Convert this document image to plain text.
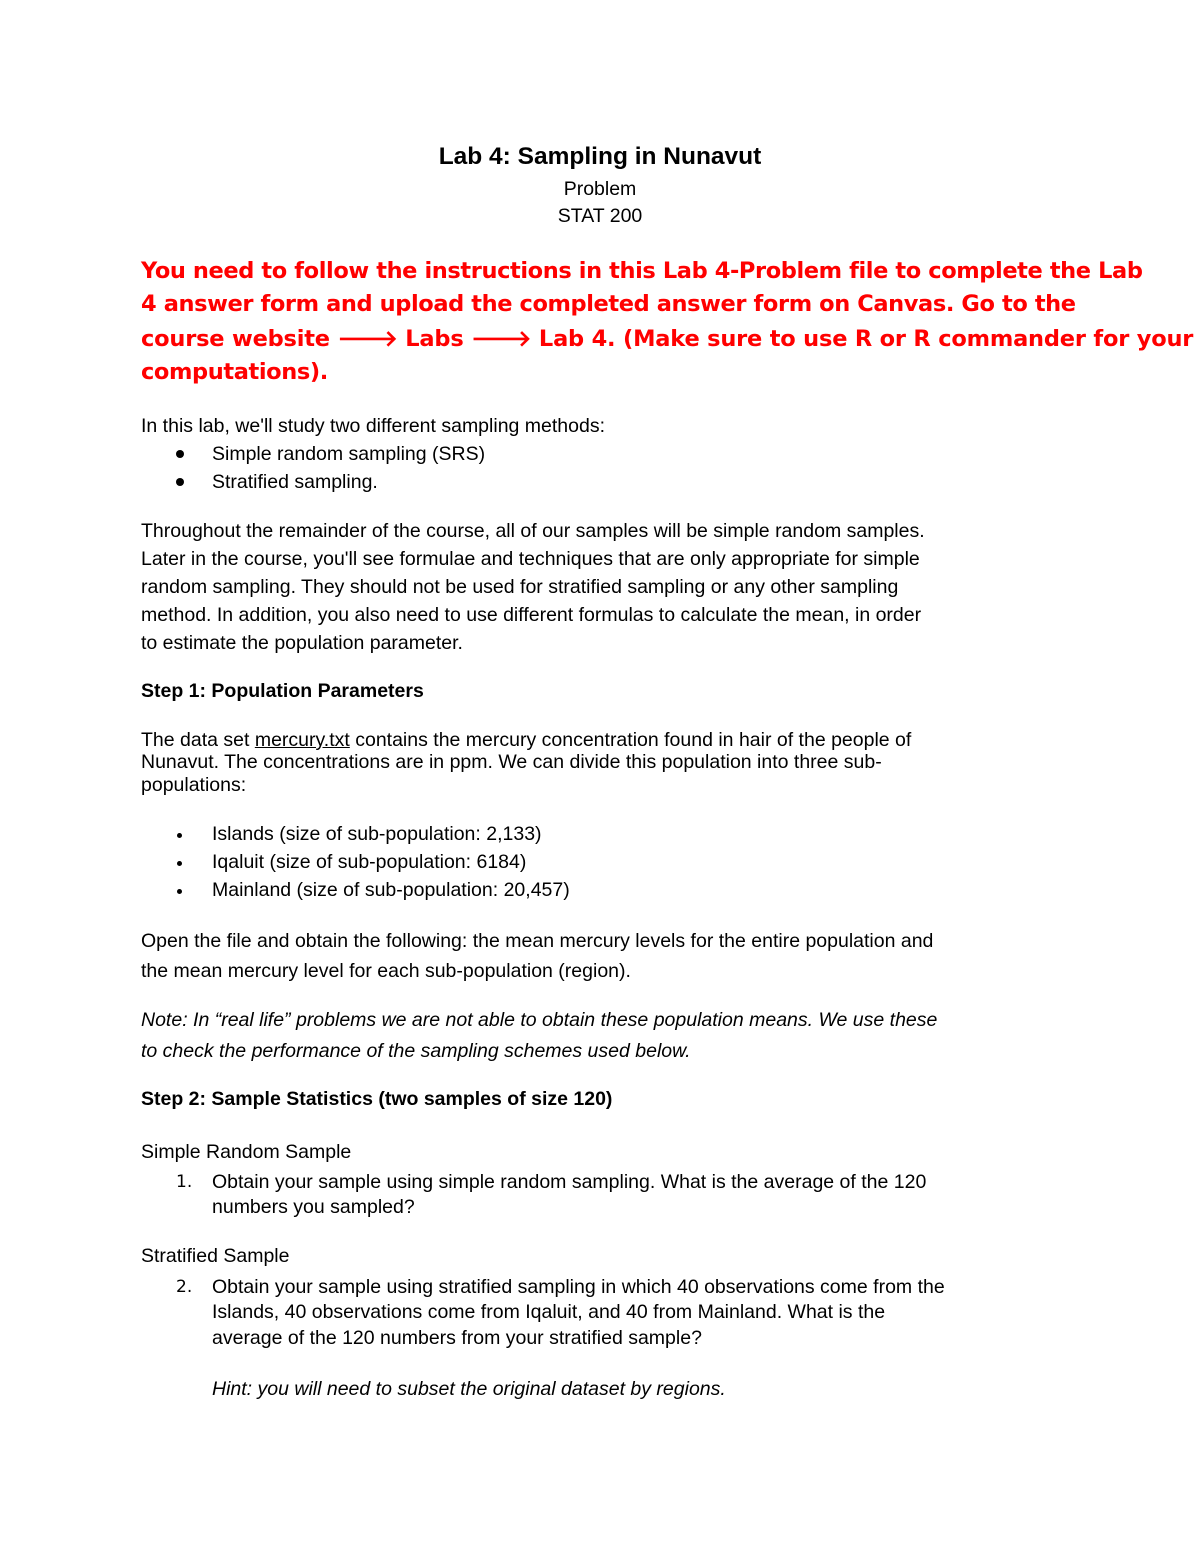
Lab 4: Sampling in Nunavut

Problem

STAT 200

You need to follow the instructions in this Lab 4-Problem file to complete the Lab

4 answer form and upload the completed answer form on Canvas. Go to the

course website 🡒 Labs 🡒 Lab 4. (Make sure to use R or R commander for your

computations).

In this lab, we'll study two different sampling methods:

Simple random sampling (SRS)

Stratified sampling.

Throughout the remainder of the course, all of our samples will be simple random samples.

Later in the course, you'll see formulae and techniques that are only appropriate for simple

random sampling. They should not be used for stratified sampling or any other sampling

method. In addition, you also need to use different formulas to calculate the mean, in order

to estimate the population parameter.

Step 1: Population Parameters

The data set mercury.txt contains the mercury concentration found in hair of the people of

Nunavut. The concentrations are in ppm. We can divide this population into three sub-

populations:

Islands (size of sub-population: 2,133)

Iqaluit (size of sub-population: 6184)

Mainland (size of sub-population: 20,457)

Open the file and obtain the following: the mean mercury levels for the entire population and

the mean mercury level for each sub-population (region).

Note: In “real life” problems we are not able to obtain these population means. We use these

to check the performance of the sampling schemes used below.

Step 2: Sample Statistics (two samples of size 120)

Simple Random Sample

1. Obtain your sample using simple random sampling. What is the average of the 120

numbers you sampled?

Stratified Sample

2. Obtain your sample using stratified sampling in which 40 observations come from the

Islands, 40 observations come from Iqaluit, and 40 from Mainland. What is the

average of the 120 numbers from your stratified sample?

Hint: you will need to subset the original dataset by regions.
